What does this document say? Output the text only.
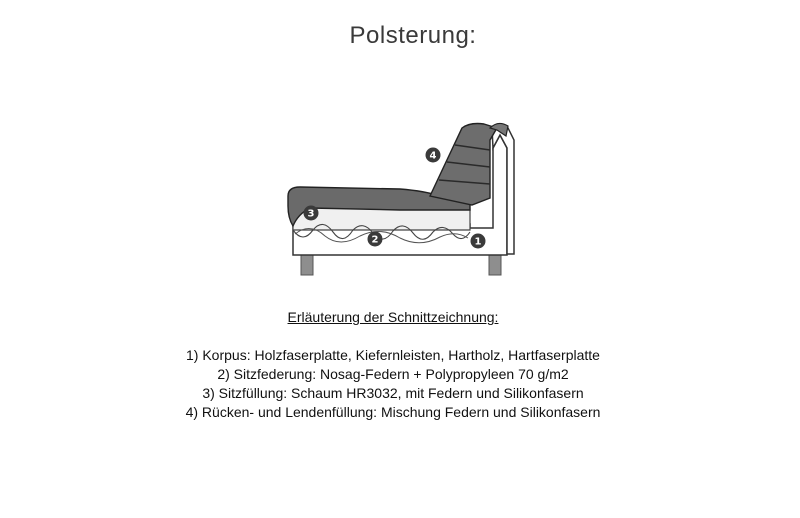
Polsterung:
4
3
2	1
Erläuterung der Schnittzeichnung:
1) Korpus: Holzfaserplatte, Kiefernleisten, Hartholz, Hartfaserplatte
2) Sitzfederung: Nosag-Federn + Polypropyleen 70 g/m2
3) Sitzfüllung: Schaum HR3032, mit Federn und Silikonfasern
4) Rücken- und Lendenfüllung: Mischung Federn und Silikonfasern
